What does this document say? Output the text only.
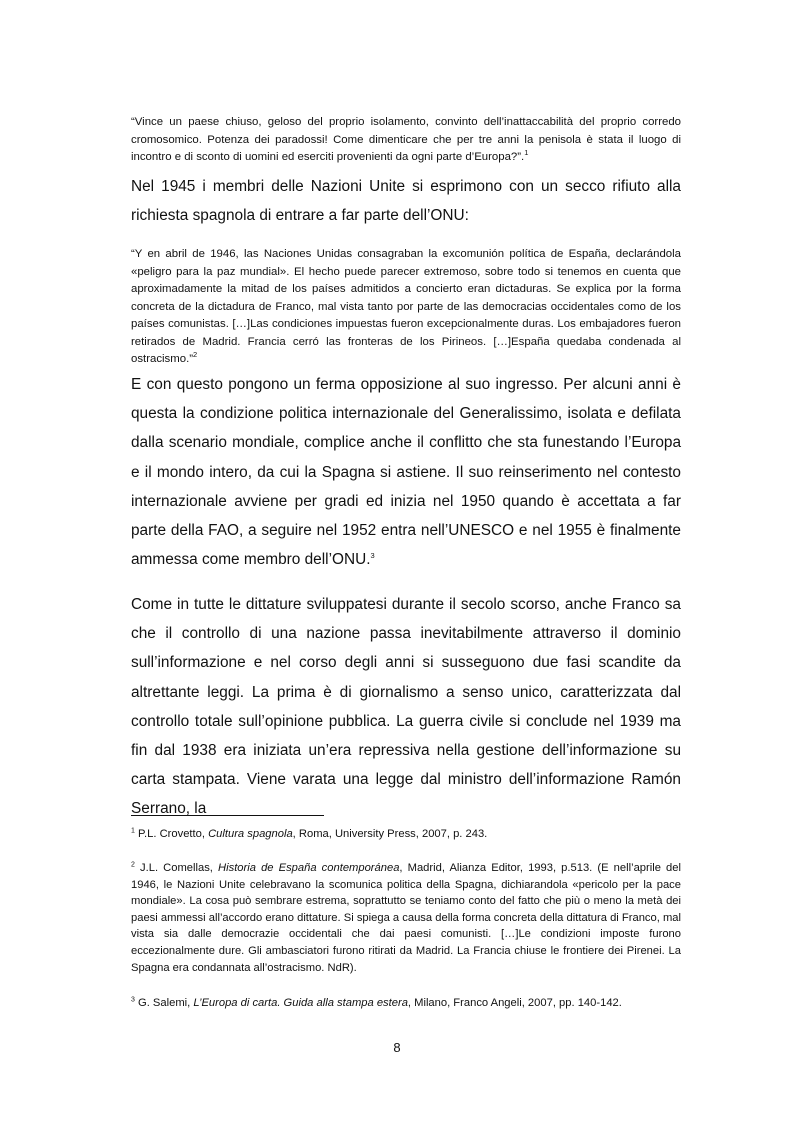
“Vince un paese chiuso, geloso del proprio isolamento, convinto dell’inattaccabilità del proprio corredo cromosomico. Potenza dei paradossi! Come dimenticare che per tre anni la penisola è stata il luogo di incontro e di sconto di uomini ed eserciti provenienti da ogni parte d’Europa?”.$^1$

Nel 1945 i membri delle Nazioni Unite si esprimono con un secco rifiuto alla richiesta spagnola di entrare a far parte dell’ONU:

“Y en abril de 1946, las Naciones Unidas consagraban la excomunión política de España, declarándola «peligro para la paz mundial». El hecho puede parecer extremoso, sobre todo si tenemos en cuenta que aproximadamente la mitad de los países admitidos a concierto eran dictaduras. Se explica por la forma concreta de la dictadura de Franco, mal vista tanto por parte de las democracias occidentales como de los países comunistas. […]Las condiciones impuestas fueron excepcionalmente duras. Los embajadores fueron retirados de Madrid. Francia cerró las fronteras de los Pirineos. […]España quedaba condenada al ostracismo.”$^2$

E con questo pongono un ferma opposizione al suo ingresso. Per alcuni anni è questa la condizione politica internazionale del Generalissimo, isolata e defilata dalla scenario mondiale, complice anche il conflitto che sta funestando l’Europa e il mondo intero, da cui la Spagna si astiene. Il suo reinserimento nel contesto internazionale avviene per gradi ed inizia nel 1950 quando è accettata a far parte della FAO, a seguire nel 1952 entra nell’UNESCO e nel 1955 è finalmente ammessa come membro dell’ONU.$^3$

Come in tutte le dittature sviluppatesi durante il secolo scorso, anche Franco sa che il controllo di una nazione passa inevitabilmente attraverso il dominio sull’informazione e nel corso degli anni si susseguono due fasi scandite da altrettante leggi. La prima è di giornalismo a senso unico, caratterizzata dal controllo totale sull’opinione pubblica. La guerra civile si conclude nel 1939 ma fin dal 1938 era iniziata un’era repressiva nella gestione dell’informazione su carta stampata. Viene varata una legge dal ministro dell’informazione Ramón Serrano, la

$^1$ P.L. Crovetto, Cultura spagnola, Roma, University Press, 2007, p. 243.

$^2$ J.L. Comellas, Historia de España contemporánea, Madrid, Alianza Editor, 1993, p.513. (E nell’aprile del 1946, le Nazioni Unite celebravano la scomunica politica della Spagna, dichiarandola «pericolo per la pace mondiale». La cosa può sembrare estrema, soprattutto se teniamo conto del fatto che più o meno la metà dei paesi ammessi all’accordo erano dittature. Si spiega a causa della forma concreta della dittatura di Franco, mal vista sia dalle democrazie occidentali che dai paesi comunisti. […]Le condizioni imposte furono eccezionalmente dure. Gli ambasciatori furono ritirati da Madrid. La Francia chiuse le frontiere dei Pirenei. La Spagna era condannata all’ostracismo. NdR).

$^3$ G. Salemi, L’Europa di carta. Guida alla stampa estera, Milano, Franco Angeli, 2007, pp. 140-142.

8
